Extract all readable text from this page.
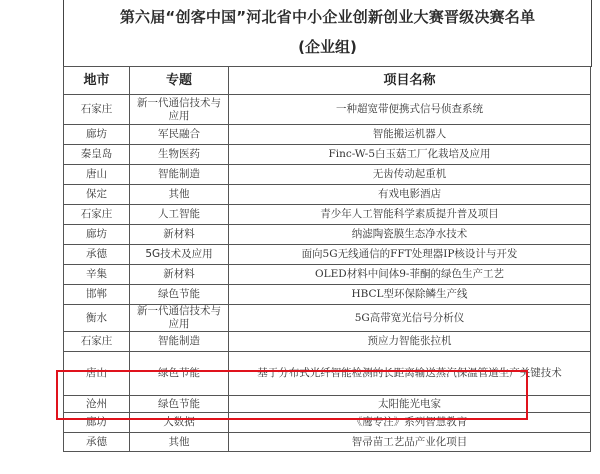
第六届“创客中国”河北省中小企业创新创业大赛晋级决赛名单
(企业组)
地市	专题	项目名称
石家庄	新一代通信技术与应用	一种超宽带便携式信号侦查系统
廊坊	军民融合	智能搬运机器人
秦皇岛	生物医药	Finc-W-5白玉菇工厂化栽培及应用
唐山	智能制造	无齿传动起重机
保定	其他	有戏电影酒店
石家庄	人工智能	青少年人工智能科学素质提升普及项目
廊坊	新材料	纳滤陶瓷膜生态净水技术
承德	5G技术及应用	面向5G无线通信的FFT处理器IP核设计与开发
辛集	新材料	OLED材料中间体9-菲酮的绿色生产工艺
邯郸	绿色节能	HBCL型环保除鳞生产线
衡水	新一代通信技术与应用	5G高带宽光信号分析仪
石家庄	智能制造	预应力智能张拉机
唐山	绿色节能	基于分布式光纤智能检测的长距离输送蒸汽保温管道生产关键技术
沧州	绿色节能	太阳能光电家
廊坊	大数据	《鹰专注》系列智慧教育
承德	其他	智帚苗工艺品产业化项目
